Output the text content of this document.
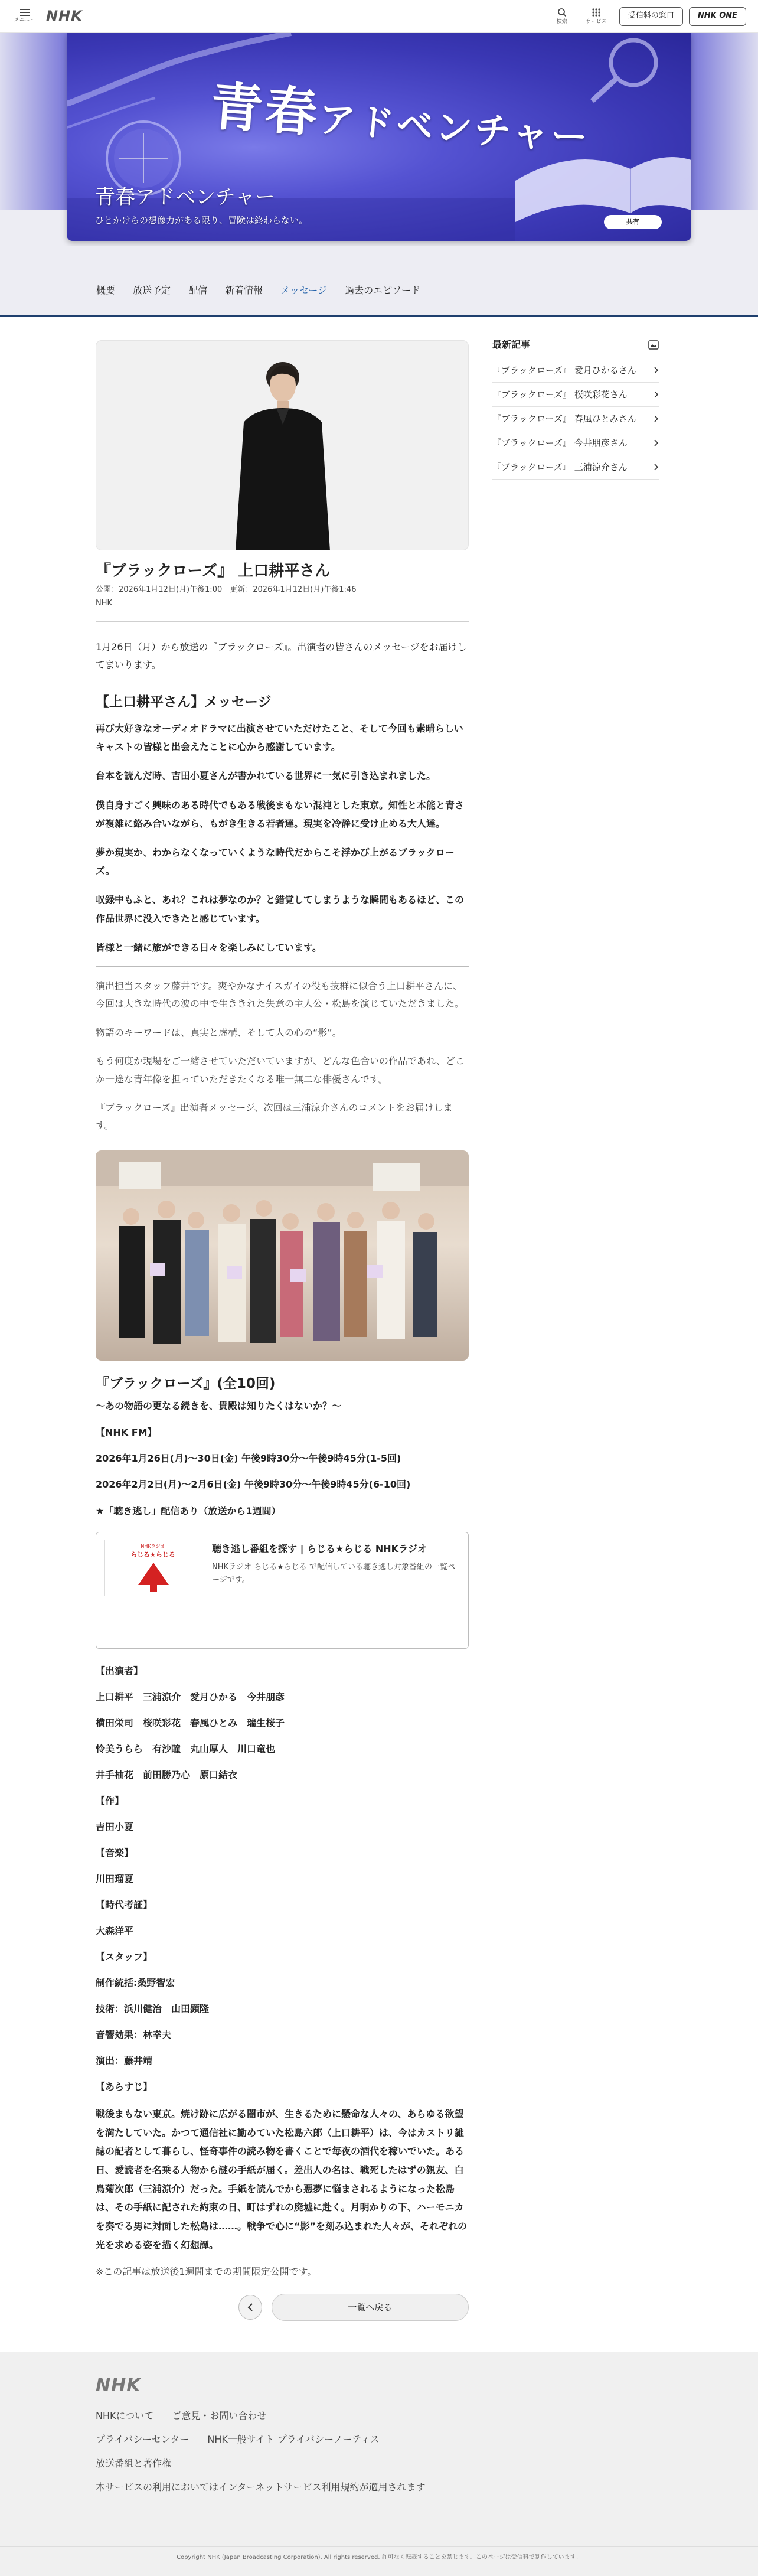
メニュー NHK	検索	サービス
受信料の窓口	NHK ONE
青春アドベンチャー
青春アドベンチャー
ひとかけらの想像力がある限り、冒険は終わらない。	共有
概要 放送予定 配信 新着情報 メッセージ 過去のエピソード
『ブラックローズ』 上口耕平さん
公開：2026年1月12日(月)午後1:00　更新：2026年1月12日(月)午後1:46
NHK

1月26日（月）から放送の『ブラックローズ』。出演者の皆さんのメッセージをお届けしてまいります。

【上口耕平さん】メッセージ

再び大好きなオーディオドラマに出演させていただけたこと、そして今回も素晴らしいキャストの皆様と出会えたことに心から感謝しています。

台本を読んだ時、吉田小夏さんが書かれている世界に一気に引き込まれました。

僕自身すごく興味のある時代でもある戦後まもない混沌とした東京。知性と本能と青さが複雑に絡み合いながら、もがき生きる若者達。現実を冷静に受け止める大人達。

夢か現実か、わからなくなっていくような時代だからこそ浮かび上がるブラックローズ。

収録中もふと、あれ？これは夢なのか？と錯覚してしまうような瞬間もあるほど、この作品世界に没入できたと感じています。

皆様と一緒に旅ができる日々を楽しみにしています。

演出担当スタッフ藤井です。爽やかなナイスガイの役も抜群に似合う上口耕平さんに、今回は大きな時代の波の中で生ききれた失意の主人公・松島を演じていただきました。

物語のキーワードは、真実と虚構、そして人の心の“影”。

もう何度か現場をご一緒させていただいていますが、どんな色合いの作品であれ、どこか一途な青年像を担っていただきたくなる唯一無二な俳優さんです。

『ブラックローズ』出演者メッセージ、次回は三浦涼介さんのコメントをお届けします。

『ブラックローズ』(全10回)

～あの物語の更なる続きを、貴殿は知りたくはないか？～

【NHK FM】

2026年1月26日(月)～30日(金) 午後9時30分～午後9時45分(1-5回)

2026年2月2日(月)～2月6日(金) 午後9時30分～午後9時45分(6-10回)

★「聴き逃し」配信あり（放送から1週間）

NHKラジオ
らじる★らじる
聴き逃し番組を探す | らじる★らじる NHKラジオ
NHKラジオ らじる★らじる で配信している聴き逃し対象番組の一覧ページです。

【出演者】

上口耕平　三浦涼介　愛月ひかる　今井朋彦

横田栄司　桜咲彩花　春風ひとみ　瑞生桜子

怜美うらら　有沙瞳　丸山厚人　川口竜也

井手柚花　前田勝乃心　原口結衣

【作】

吉田小夏

【音楽】

川田瑠夏

【時代考証】

大森洋平

【スタッフ】

制作統括:桑野智宏

技術：浜川健治　山田顕隆

音響効果：林幸夫

演出：藤井靖

【あらすじ】

戦後まもない東京。焼け跡に広がる闇市が、生きるために懸命な人々の、あらゆる欲望を満たしていた。かつて通信社に勤めていた松島六郎（上口耕平）は、今はカストリ雑誌の記者として暮らし、怪奇事件の読み物を書くことで毎夜の酒代を稼いでいた。ある日、愛読者を名乗る人物から謎の手紙が届く。差出人の名は、戦死したはずの親友、白鳥菊次郎（三浦涼介）だった。手紙を読んでから悪夢に悩まされるようになった松島は、その手紙に記された約束の日、町はずれの廃墟に赴く。月明かりの下、ハーモニカを奏でる男に対面した松島は……。戦争で心に“影”を刻み込まれた人々が、それぞれの光を求める姿を描く幻想譚。

※この記事は放送後1週間までの期間限定公開です。

一覧へ戻る
最新記事
『ブラックローズ』 愛月ひかるさん
『ブラックローズ』 桜咲彩花さん
『ブラックローズ』 春風ひとみさん
『ブラックローズ』 今井朋彦さん
『ブラックローズ』 三浦涼介さん
NHK
NHKについて ご意見・お問い合わせ
プライバシーセンター NHK一般サイト プライバシーノーティス
放送番組と著作権
本サービスの利用においてはインターネットサービス利用規約が適用されます
Copyright NHK (Japan Broadcasting Corporation). All rights reserved. 許可なく転載することを禁じます。このページは受信料で制作しています。
